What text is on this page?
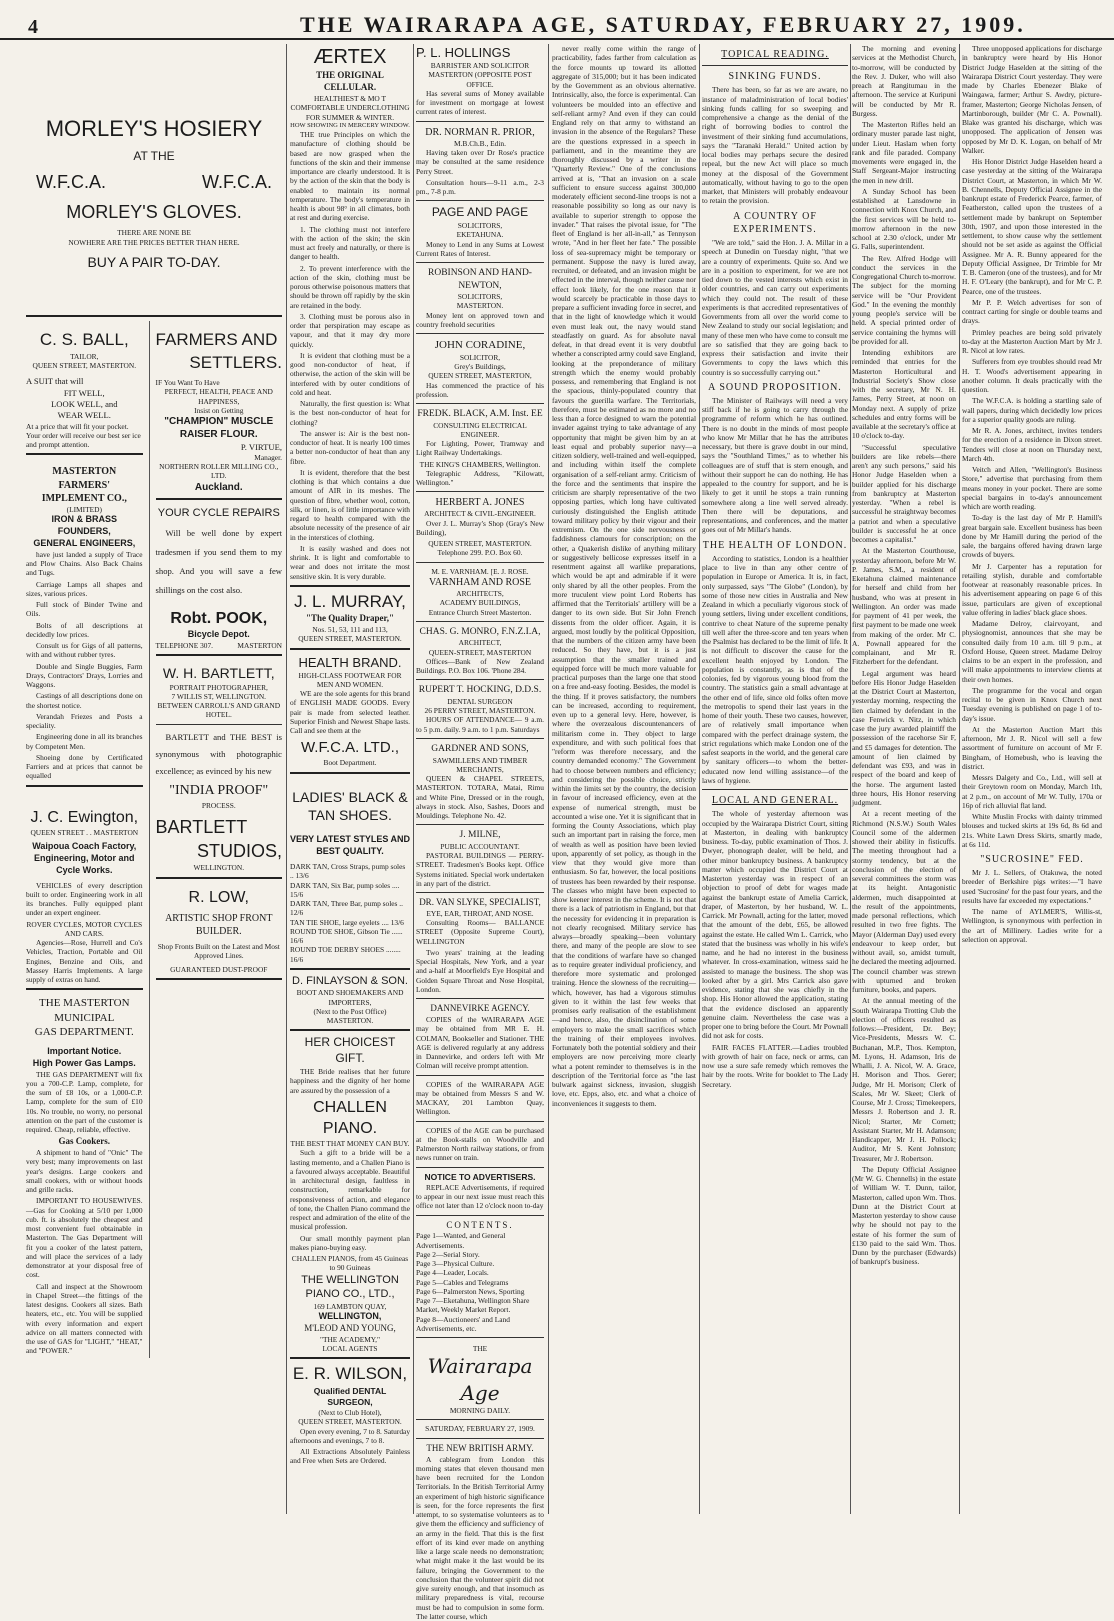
4	THE WAIRARAPA AGE, SATURDAY, FEBRUARY 27, 1909.
MORLEY'S HOSIERY
AT THE
W.F.C.A.	W.F.C.A.
MORLEY'S GLOVES.
THERE ARE NONE BE
NOWHERE ARE THE PRICES BETTER THAN HERE.
BUY A PAIR TO-DAY.
C. S. BALL,
TAILOR,
QUEEN STREET, MASTERTON.
A SUIT that will
FIT WELL,
LOOK WELL, and
WEAR WELL.
At a price that will fit your pocket.
Your order will receive our best ser ice and prompt attention.
MASTERTON FARMERS' IMPLEMENT CO.,
(LIMITED)
IRON & BRASS FOUNDERS,
GENERAL ENGINEERS,
have just landed a supply of Trace and Plow Chains. Also Back Chains and Tugs.
Carriage Lamps all shapes and sizes, various prices.
Full stock of Binder Twine and Oils.
Bolts of all descriptions at decidedly low prices.
Consult us for Gigs of all patterns, with and without rubber tyres.
Double and Single Buggies, Farm Drays, Contractors' Drays, Lorries and Waggons.
Castings of all descriptions done on the shortest notice.
Verandah Friezes and Posts a speciality.
Engineering done in all its branches by Competent Men.
Shoeing done by Certificated Farriers and at prices that cannot be equalled
J. C. Ewington,
QUEEN STREET . . MASTERTON
Waipoua Coach Factory, Engineering, Motor and Cycle Works.
VEHICLES of every description built to order. Engineering work in all its branches. Fully equipped plant under an expert engineer.
ROVER CYCLES, MOTOR CYCLES AND CARS.
Agencies—Rose, Hurrell and Co's Vehicles, Traction, Portable and Oil Engines, Benzine and Oils, and Massey Harris Implements. A large supply of extras on hand.
THE MASTERTON
MUNICIPAL
GAS DEPARTMENT.
Important Notice.
High Power Gas Lamps.
THE GAS DEPARTMENT will fix you a 700-C.P. Lamp, complete, for the sum of £8 10s, or a 1,000-C.P. Lamp, complete for the sum of £10 10s. No trouble, no worry, no personal attention on the part of the customer is required. Cheap, reliable, effective.
Gas Cookers.
A shipment to hand of "Onic" The very best; many improvements on last year's designs. Large cookers and small cookers, with or without hoods and grille racks.
IMPORTANT TO HOUSEWIVES.—Gas for Cooking at 5/10 per 1,000 cub. ft. is absolutely the cheapest and most convenient fuel obtainable in Masterton. The Gas Department will fit you a cooker of the latest pattern, and will place the services of a lady demonstrator at your disposal free of cost.
Call and inspect at the Showroom in Chapel Street—the fittings of the latest designs. Cookers all sizes. Bath heaters, etc., etc. You will be supplied with every information and expert advice on all matters connected with the use of GAS for "LIGHT," "HEAT," and "POWER."
FARMERS AND
SETTLERS.
IF You Want To Have
PERFECT, HEALTH, PEACE AND HAPPINESS,
Insist on Getting
"CHAMPION" MUSCLE RAISER FLOUR.
P. VIRTUE,
Manager.
NORTHERN ROLLER MILLING CO., LTD.
Auckland.
YOUR CYCLE REPAIRS
Will be well done by expert tradesmen if you send them to my shop. And you will save a few shillings on the cost also.
Robt. POOK,
Bicycle Depot.
TELEPHONE 307.	MASTERTON
W. H. BARTLETT,
PORTRAIT PHOTOGRAPHER,
7 WILLIS ST, WELLINGTON.
BETWEEN CARROLL'S AND GRAND HOTEL.
BARTLETT and THE BEST is synonymous with photographic excellence; as evinced by his new
"INDIA PROOF"
PROCESS.
BARTLETT
STUDIOS,
WELLINGTON.
R. LOW,
ARTISTIC SHOP FRONT BUILDER.
Shop Fronts Built on the Latest and Most Approved Lines.
GUARANTEED DUST-PROOF
ÆRTEX
THE ORIGINAL CELLULAR.
HEALTHIEST & MO T COMFORTABLE UNDERCLOTHING FOR SUMMER & WINTER.
HOW SHOWING IN MERCERY WINDOW.
THE true Principles on which the manufacture of clothing should be based are now grasped when the functions of the skin and their immense importance are clearly understood. It is by the action of the skin that the body is enabled to maintain its normal temperature. The body's temperature in health is about 98° in all climates, both at rest and during exercise.
1. The clothing must not interfere with the action of the skin; the skin must act freely and naturally, or there is danger to health.
2. To prevent interference with the action of the skin, clothing must be porous otherwise poisonous matters that should be thrown off rapidly by the skin are retained in the body.
3. Clothing must be porous also in order that perspiration may escape as vapour, and that it may dry more quickly.
It is evident that clothing must be a good non-conductor of heat, if otherwise, the action of the skin will be interfered with by outer conditions of cold and heat.
Naturally, the first question is: What is the best non-conductor of heat for clothing?
The answer is: Air is the best non-conductor of heat. It is nearly 100 times a better non-conductor of heat than any fibre.
It is evident, therefore that the best clothing is that which contains a due amount of AIR in its meshes. The question of fibre, whether wool, cotton, silk, or linen, is of little importance with regard to health compared with the absolute necessity of the presence of air in the interstices of clothing.
It is easily washed and does not shrink. It is light and comfortable to wear and does not irritate the most sensitive skin. It is very durable.
J. L. MURRAY,
"The Quality Draper,"
Nos. 51, 53, 111 and 113,
QUEEN STREET, MASTERTON.
HEALTH BRAND.
HIGH-CLASS FOOTWEAR FOR MEN AND WOMEN.
WE are the sole agents for this brand of ENGLISH MADE GOODS. Every pair is made from selected leather. Superior Finish and Newest Shape lasts. Call and see them at the
W.F.C.A. LTD.,
Boot Department.
LADIES' BLACK & TAN SHOES.
VERY LATEST STYLES AND BEST QUALITY.
DARK TAN, Cross Straps, pump soles .. 13/6
DARK TAN, Six Bar, pump soles .... 15/6
DARK TAN, Three Bar, pump soles .. 12/6
TAN TIE SHOE, large eyelets .... 13/6
ROUND TOE SHOE, Gibson Tie ...... 16/6
ROUND TOE DERBY SHOES ........ 16/6
D. FINLAYSON & SON.
BOOT AND SHOEMAKERS AND IMPORTERS,
(Next to the Post Office) MASTERTON.
HER CHOICEST GIFT.
THE Bride realises that her future happiness and the dignity of her home are assured by the possession of a
CHALLEN PIANO.
THE BEST THAT MONEY CAN BUY.
Such a gift to a bride will be a lasting memento, and a Challen Piano is a favoured always acceptable. Beautiful in architectural design, faultless in construction, remarkable for responsiveness of action, and elegance of tone, the Challen Piano command the respect and admiration of the elite of the musical profession.
Our small monthly payment plan makes piano-buying easy.
CHALLEN PIANOS, from 45 Guineas to 90 Guineas
THE WELLINGTON PIANO CO., LTD.,
169 LAMBTON QUAY,
WELLINGTON,
M'LEOD AND YOUNG,
"THE ACADEMY,"
LOCAL AGENTS
E. R. WILSON,
Qualified DENTAL SURGEON,
(Next to Club Hotel),
QUEEN STREET, MASTERTON.
Open every evening, 7 to 8. Saturday afternoons and evenings, 7 to 8.
All Extractions Absolutely Painless and Free when Sets are Ordered.
P. L. HOLLINGS
BARRISTER AND SOLICITOR
MASTERTON (OPPOSITE POST OFFICE.
Has several sums of Money available for investment on mortgage at lowest current rates of interest.
DR. NORMAN R. PRIOR,
M.B.Ch.B., Edin.
Having taken over Dr Rose's practice may be consulted at the same residence Perry Street.
Consultation hours—9-11 a.m., 2-3 pm., 7-8 p.m.
PAGE AND PAGE
SOLICITORS,
EKETAHUNA.
Money to Lend in any Sums at Lowest Current Rates of Interest.
ROBINSON AND HAND-NEWTON,
SOLICITORS,
MASTERTON.
Money lent on approved town and country freehold securities
JOHN CORADINE,
SOLICITOR,
Grey's Buildings,
QUEEN STREET, MASTERTON,
Has commenced the practice of his profession.
FREDK. BLACK, A.M. Inst. EE
CONSULTING ELECTRICAL ENGINEER.
For Lighting, Power, Tramway and Light Railway Undertakings.
THE KING'S CHAMBERS, Wellington.
Telegraphic Address, "Kilowatt, Wellington."
HERBERT A. JONES
ARCHITECT & CIVIL-ENGINEER.
Over J. L. Murray's Shop (Gray's New Building),
QUEEN STREET, MASTERTON.
Telephone 299. P.O. Box 60.
M. E. VARNHAM. [E. J. ROSE.
VARNHAM AND ROSE
ARCHITECTS,
ACADEMY BUILDINGS,
Entrance Church Street Masterton.
CHAS. G. MONRO, F.N.Z.I.A,
ARCHITECT,
QUEEN-STREET, MASTERTON
Offices—Bank of New Zealand Buildings. P.O. Box 106. 'Phone 284.
RUPERT T. HOCKING, D.D.S.
DENTAL SURGEON
26 PERRY STREET, MASTERTON.
HOURS OF ATTENDANCE— 9 a.m. to 5 p.m. daily. 9 a.m. to 1 p.m. Saturdays
GARDNER AND SONS,
SAWMILLERS AND TIMBER MERCHANTS,
QUEEN & CHAPEL STREETS, MASTERTON. TOTARA, Matai, Rimu and White Pine, Dressed or in the rough, always in stock. Also, Sashes, Doors and Mouldings. Telephone No. 42.
J. MILNE,
PUBLIC ACCOUNTANT.
PASTORAL BUILDINGS — PERRY-STREET. Tradesmen's Books kept. Office Systems initiated. Special work undertaken in any part of the district.
DR. VAN SLYKE, SPECIALIST,
EYE, EAR, THROAT, AND NOSE.
Consulting Rooms— BALLANCE STREET (Opposite Supreme Court), WELLINGTON
Two years' training at the leading Special Hospitals, New York, and a year and a-half at Moorfield's Eye Hospital and Golden Square Throat and Nose Hospital, London.
DANNEVIRKE AGENCY.
COPIES of the WAIRARAPA AGE may be obtained from MR E. H. COLMAN, Bookseller and Stationer. THE AGE is delivered regularly at any address in Dannevirke, and orders left with Mr Colman will receive prompt attention.
COPIES of the WAIRARAPA AGE may be obtained from Messrs S and W. MACKAY, 201 Lambton Quay, Wellington.
COPIES of the AGE can be purchased at the Book-stalls on Woodville and Palmerston North railway stations, or from news runner on train.
NOTICE TO ADVERTISERS.
REPLACE Advertisements, if required to appear in our next issue must reach this office not later than 12 o'clock noon to-day
CONTENTS.
Page 1—Wanted, and General Advertisements.
Page 2—Serial Story.
Page 3—Physical Culture.
Page 4—Leader, Locals.
Page 5—Cables and Telegrams
Page 6—Palmerston News, Sporting
Page 7—Eketahuna, Wellington Share Market, Weekly Market Report.
Page 8—Auctioneers' and Land Advertisements, etc.
THE
Wairarapa Age
MORNING DAILY.
SATURDAY, FEBRUARY 27, 1909.
THE NEW BRITISH ARMY.
A cablegram from London this morning states that eleven thousand men have been recruited for the London Territorials. In the British Territorial Army an experiment of high historic significance is seen, for the force represents the first attempt, to so systematise volunteers as to give them the efficiency and sufficiency of an army in the field. That this is the first effort of its kind ever made on anything like a large scale needs no demonstration; what might make it the last would be its failure, bringing the Government to the conclusion that the volunteer spirit did not give sureity enough, and that insomuch as military preparedness is vital, recourse must be had to compulsion in some form. The latter course, which
never really come within the range of practicability, fades farther from calculation as the force mounts up toward its allotted aggregate of 315,000; but it has been indicated by the Government as an obvious alternative. Intrinsically, also, the force is experimental. Can volunteers be moulded into an effective and self-reliant army? And even if they can could England rely on that army to withstand an invasion in the absence of the Regulars? These are the questions expressed in a speech in parliament, and in the meantime they are thoroughly discussed by a writer in the "Quarterly Review." One of the conclusions arrived at is, "That an invasion on a scale sufficient to ensure success against 300,000 moderately efficient second-line troops is not a reasonable possibility so long as our navy is available to superior strength to oppose the invader." That raises the pivotal issue, for "The fleet of England is her all-in-all," as Tennyson wrote, "And in her fleet her fate." The possible loss of sea-supremacy might be temporary or permanent. Suppose the navy is lured away, recruited, or defeated, and an invasion might be effected in the interval, though neither cause nor effect look likely, for the one reason that it would scarcely be practicable in those days to prepare a sufficient invading force in secret, and that in the light of knowledge which it would even must leak out, the navy would stand steadfastly on guard. As for absolute naval defeat, in that dread event it is very doubtful whether a conscripted army could save England, looking at the preponderance of military strength which the enemy would probably possess, and remembering that England is not the spacious, thinly-populated country that favours the guerilla warfare. The Territorials, therefore, must be estimated as no more and no less than a force designed to warn the potential invader against trying to take advantage of any opportunity that might be given him by an at least equal and probably superior navy—a citizen soldiery, well-trained and well-equipped, and including within itself the complete organisation of a self-reliant army. Criticism of the force and the sentiments that inspire the criticism are sharply representative of the two opposing parties, which long have cultivated curiously distinguished the English attitude toward military policy by their vigour and their extremism. On the one side nervousness or faddishness clamours for conscription; on the other, a Quakerish dislike of anything military or suggestively bellicose expresses itself in a resentment against all warlike preparations, which would be apt and admirable if it were only shared by all the other peoples. From the more truculent view point Lord Roberts has affirmed that the Territorials' artillery will be a danger to its own side. But Sir John French dissents from the older officer. Again, it is argued, most loudly by the political Opposition, that the numbers of the citizen army have been reduced. So they have, but it is a just assumption that the smaller trained and equipped force will be much more valuable for practical purposes than the large one that stood on a free and-easy footing. Besides, the model is the thing. If it proves satisfactory, the numbers can be increased, according to requirement, even up to a general levy. Here, however, is where the overzealous discountenancers of militarism come in. They object to large expenditure, and with such political foes that "reform was therefore necessary, and the country demanded economy." The Government had to choose between numbers and efficiency; and considering the possible choice, strictly within the limits set by the country, the decision in favour of increased efficiency, even at the expense of numerical strength, must be accounted a wise one. Yet it is significant that in forming the County Associations, which play such an important part in raising the force, men of wealth as well as position have been levied upon, apparently of set policy, as though in the view that they would give more than enthusiasm. So far, however, the local positions of trustees has been rewarded by their response. The classes who might have been expected to show keener interest in the scheme. It is not that there is a lack of patriotism in England, but that the necessity for evidencing it in preparation is not clearly recognised. Military service has always—broadly speaking—been voluntary there, and many of the people are slow to see that the conditions of warfare have so changed as to require greater individual proficiency, and therefore more systematic and prolonged training. Hence the slowness of the recruiting—which, however, has had a vigorous stimulus given to it within the last few weeks that promises early realisation of the establishment—and hence, also, the disinclination of some employers to make the small sacrifices which the training of their employees involves. Fortunately both the potential soldiery and their employers are now perceiving more clearly what a potent reminder to themselves is in the description of the Territorial force as "the last bulwark against sickness, invasion, sluggish love, etc. Epps, also, etc. and what a choice of inconveniences it suggests to them.
TOPICAL READING.
SINKING FUNDS.
There has been, so far as we are aware, no instance of maladministration of local bodies' sinking funds calling for so sweeping and comprehensive a change as the denial of the right of borrowing bodies to control the investment of their sinking fund accumulations, says the "Taranaki Herald." United action by local bodies may perhaps secure the desired repeal, but the new Act will place so much money at the disposal of the Government automatically, without having to go to the open market, that Ministers will probably endeavour to retain the provision.
A COUNTRY OF EXPERIMENTS.
"We are told," said the Hon. J. A. Millar in a speech at Dunedin on Tuesday night, "that we are a country of experiments. Quite so. And we are in a position to experiment, for we are not tied down to the vested interests which exist in older countries, and can carry out experiments which they could not. The result of these experiments is that accredited representatives of Governments from all over the world come to New Zealand to study our social legislation; and many of these men who have come to consult me are so satisfied that they are going back to express their satisfaction and invite their Governments to copy the laws which this country is so successfully carrying out."
A SOUND PROPOSITION.
The Minister of Railways will need a very stiff back if he is going to carry through the programme of reform which he has outlined. There is no doubt in the minds of most people who know Mr Millar that he has the attributes necessary, but there is grave doubt in our mind, says the "Southland Times," as to whether his colleagues are of stuff that is stern enough, and without their support he can do nothing. He has appealed to the country for support, and he is likely to get it until he stops a train running somewhere along a line well served already. Then there will be deputations, and representations, and conferences, and the matter goes out of Mr Millar's hands.
THE HEALTH OF LONDON.
According to statistics, London is a healthier place to live in than any other centre of population in Europe or America. It is, in fact, only surpassed, says "The Globe" (London), by some of those new cities in Australia and New Zealand in which a peculiarly vigorous stock of young settlers, living under excellent conditions, contrive to cheat Nature of the supreme penalty till well after the three-score and ten years when the Psalmist has declared to be the limit of life. It is not difficult to discover the cause for the excellent health enjoyed by London. The population is constantly, as is that of the colonies, fed by vigorous young blood from the country. The statistics gain a small advantage at the other end of life, since old folks often move the metropolis to spend their last years in the home of their youth. These two causes, however, are of relatively small importance when compared with the perfect drainage system, the strict regulations which make London one of the safest seaports in the world, and the general care by sanitary officers—to whom the better-educated now lend willing assistance—of the laws of hygiene.
LOCAL AND GENERAL.
The whole of yesterday afternoon was occupied by the Wairarapa District Court, sitting at Masterton, in dealing with bankruptcy business. To-day, public examination of Thos. J. Dwyer, phonograph dealer, will be held, and other minor bankruptcy business. A bankruptcy matter which occupied the District Court at Masterton yesterday was in respect of an objection to proof of debt for wages made against the bankrupt estate of Amelia Carrick, draper, of Masterton, by her husband, W. L. Carrick. Mr Pownall, acting for the latter, moved that the amount of the debt, £65, be allowed against the estate. He called Wm L. Carrick, who stated that the business was wholly in his wife's name, and he had no interest in the business whatever. In cross-examination, witness said he assisted to manage the business. The shop was looked after by a girl. Mrs Carrick also gave evidence, stating that she was chiefly in the shop. His Honor allowed the application, stating that the evidence disclosed an apparently genuine claim. Nevertheless the case was a proper one to bring before the Court. Mr Pownall did not ask for costs.
FAIR FACES FLATTER.—Ladies troubled with growth of hair on face, neck or arms, can now use a sure safe remedy which removes the hair by the roots. Write for booklet to The Lady Secretary.
The morning and evening services at the Methodist Church, to-morrow, will be conducted by the Rev. J. Duker, who will also preach at Rangitumau in the afternoon. The service at Kuripuni will be conducted by Mr R. Burgess.
The Masterton Rifles held an ordinary muster parade last night, under Lieut. Haslam when forty rank and file paraded. Company movements were engaged in, the Staff Sergeant-Major instructing the men in new drill.
A Sunday School has been established at Lansdowne in connection with Knox Church, and the first services will be held to-morrow afternoon in the new school at 2.30 o'clock, under Mr G. Falls, superintendent.
The Rev. Alfred Hodge will conduct the services in the Congregational Church to-morrow. The subject for the morning service will be "Our Provident God." In the evening the monthly young people's service will be held. A special printed order of service containing the hymns will be provided for all.
Intending exhibitors are reminded that entries for the Masterton Horticultural and Industrial Society's Show close with the secretary, Mr N. H. James, Perry Street, at noon on Monday next. A supply of prize schedules and entry forms will be available at the secretary's office at 10 o'clock to-day.
"Successful speculative builders are like rebels—there aren't any such persons," said his Honor Judge Haselden when a builder applied for his discharge from bankruptcy at Masterton yesterday. "When a rebel is successful he straightway becomes a patriot and when a speculative builder is successful he at once becomes a capitalist."
At the Masterton Courthouse, yesterday afternoon, before Mr W. P. James, S.M., a resident of Eketahuna claimed maintenance for herself and child from her husband, who was at present in Wellington. An order was made for payment of 41 per week, the first payment to be made one week from making of the order. Mr C. A. Pownall appeared for the complainant, and Mr R. Fitzherbert for the defendant.
Legal argument was heard before His Honor Judge Haselden at the District Court at Masterton, yesterday morning, respecting the lien claimed by defendant in the case Fenwick v. Nitz, in which case the jury awarded plaintiff the possession of the racehorse Sir F, and £5 damages for detention. The amount of lien claimed by defendant was £93, and was in respect of the board and keep of the horse. The argument lasted three hours, His Honor reserving judgment.
At a recent meeting of the Richmond (N.S.W.) South Wales Council some of the aldermen showed their ability in fisticuffs. The meeting throughout had a stormy tendency, but at the conclusion of the election of several committees the storm was at its height. Antagonistic aldermen, much disappointed at the result of the appointments, made personal reflections, which resulted in two free fights. The Mayor (Alderman Day) used every endeavour to keep order, but without avail, so, amidst tumult, he declared the meeting adjourned. The council chamber was strewn with upturned and broken furniture, books, and papers.
At the annual meeting of the South Wairarapa Trotting Club the election of officers resulted as follows:—President, Dr. Bey; Vice-Presidents, Messrs W. C. Buchanan, M.P., Thos. Kempton, M. Lyons, H. Adamson, Iris de Whalli, J. A. Nicol, W. A. Grace, H. Morison and Thos. Gerer; Judge, Mr H. Morison; Clerk of Scales, Mr W. Skeet; Clerk of Course, Mr J. Cross; Timekeepers, Messrs J. Robertson and J. R. Nicol; Starter, Mr Cornett; Assistant Starter, Mr H. Adamson; Handicapper, Mr J. H. Pollock; Auditor, Mr S. Kent Johnston; Treasurer, Mr J. Robertson.
The Deputy Official Assignee (Mr W. G. Chennells) in the estate of William W. T. Dunn, tailor, Masterton, called upon Wm. Thos. Dunn at the District Court at Masterton yesterday to show cause why he should not pay to the estate of his former the sum of £130 paid to the said Wm. Thos. Dunn by the purchaser (Edwards) of bankrupt's business.
Three unopposed applications for discharge in bankruptcy were heard by His Honor District Judge Haselden at the sitting of the Wairarapa District Court yesterday. They were made by Charles Ebenezer Blake of Waingawa, farmer; Arthur S. Awdry, picture-framer, Masterton; George Nicholas Jensen, of Martinborough, builder (Mr C. A. Pownall). Blake was granted his discharge, which was unopposed. The application of Jensen was opposed by Mr D. K. Logan, on behalf of Mr Walker.
His Honor District Judge Haselden heard a case yesterday at the sitting of the Wairarapa District Court, at Masterton, in which Mr W. B. Chennells, Deputy Official Assignee in the bankrupt estate of Frederick Pearce, farmer, of Featherston, called upon the trustees of a settlement made by bankrupt on September 30th, 1907, and upon those interested in the settlement, to show cause why the settlement should not be set aside as against the Official Assignee. Mr A. R. Bunny appeared for the Deputy Official Assignee, Dr Trimble for Mr T. B. Cameron (one of the trustees), and for Mr H. F. O'Leary (the bankrupt), and for Mr C. P. Pearce, one of the trustees.
Mr P. P. Welch advertises for son of contract carting for single or double teams and drays.
Primley peaches are being sold privately to-day at the Masterton Auction Mart by Mr J. R. Nicol at low rates.
Sufferers from eye troubles should read Mr H. T. Wood's advertisement appearing in another column. It deals practically with the question.
The W.F.C.A. is holding a startling sale of wall papers, during which decidedly low prices for a superior quality goods are ruling.
Mr R. A. Jones, architect, invites tenders for the erection of a residence in Dixon street. Tenders will close at noon on Thursday next, March 4th.
Veitch and Allen, "Wellington's Business Store," advertise that purchasing from them means money in your pocket. There are some special bargains in to-day's announcement which are worth reading.
To-day is the last day of Mr P. Hamill's great bargain sale. Excellent business has been done by Mr Hamill during the period of the sale, the bargains offered having drawn large crowds of buyers.
Mr J. Carpenter has a reputation for retailing stylish, durable and comfortable footwear at reasonably reasonable prices. In his advertisement appearing on page 6 of this issue, particulars are given of exceptional value offering in ladies' black glace shoes.
Madame Delroy, clairvoyant, and physiognomist, announces that she may be consulted daily from 10 a.m. till 9 p.m., at Oxford House, Queen street. Madame Delroy claims to be an expert in the profession, and will make appointments to interview clients at their own homes.
The programme for the vocal and organ recital to be given in Knox Church next Tuesday evening is published on page 1 of to-day's issue.
At the Masterton Auction Mart this afternoon, Mr J. R. Nicol will sell a few assortment of furniture on account of Mr F. Bingham, of Homebush, who is leaving the district.
Messrs Dalgety and Co., Ltd., will sell at their Greytown room on Monday, March 1th, at 2 p.m., on account of Mr W. Tully, 170a or 16p of rich alluvial flat land.
White Muslin Frocks with dainty trimmed blouses and tucked skirts at 19s 6d, 8s 6d and 21s. White Lawn Dress Skirts, smartly made, at 6s 11d.
"SUCROSINE" FED.
Mr J. L. Sellers, of Otakuwa, the noted breeder of Berkshire pigs writes:—"I have used 'Sucrosine' for the past four years, and the results have far exceeded my expectations."
The name of AYLMER'S, Willis-st, Wellington, is synonymous with perfection in the art of Millinery. Ladies write for a selection on approval.
